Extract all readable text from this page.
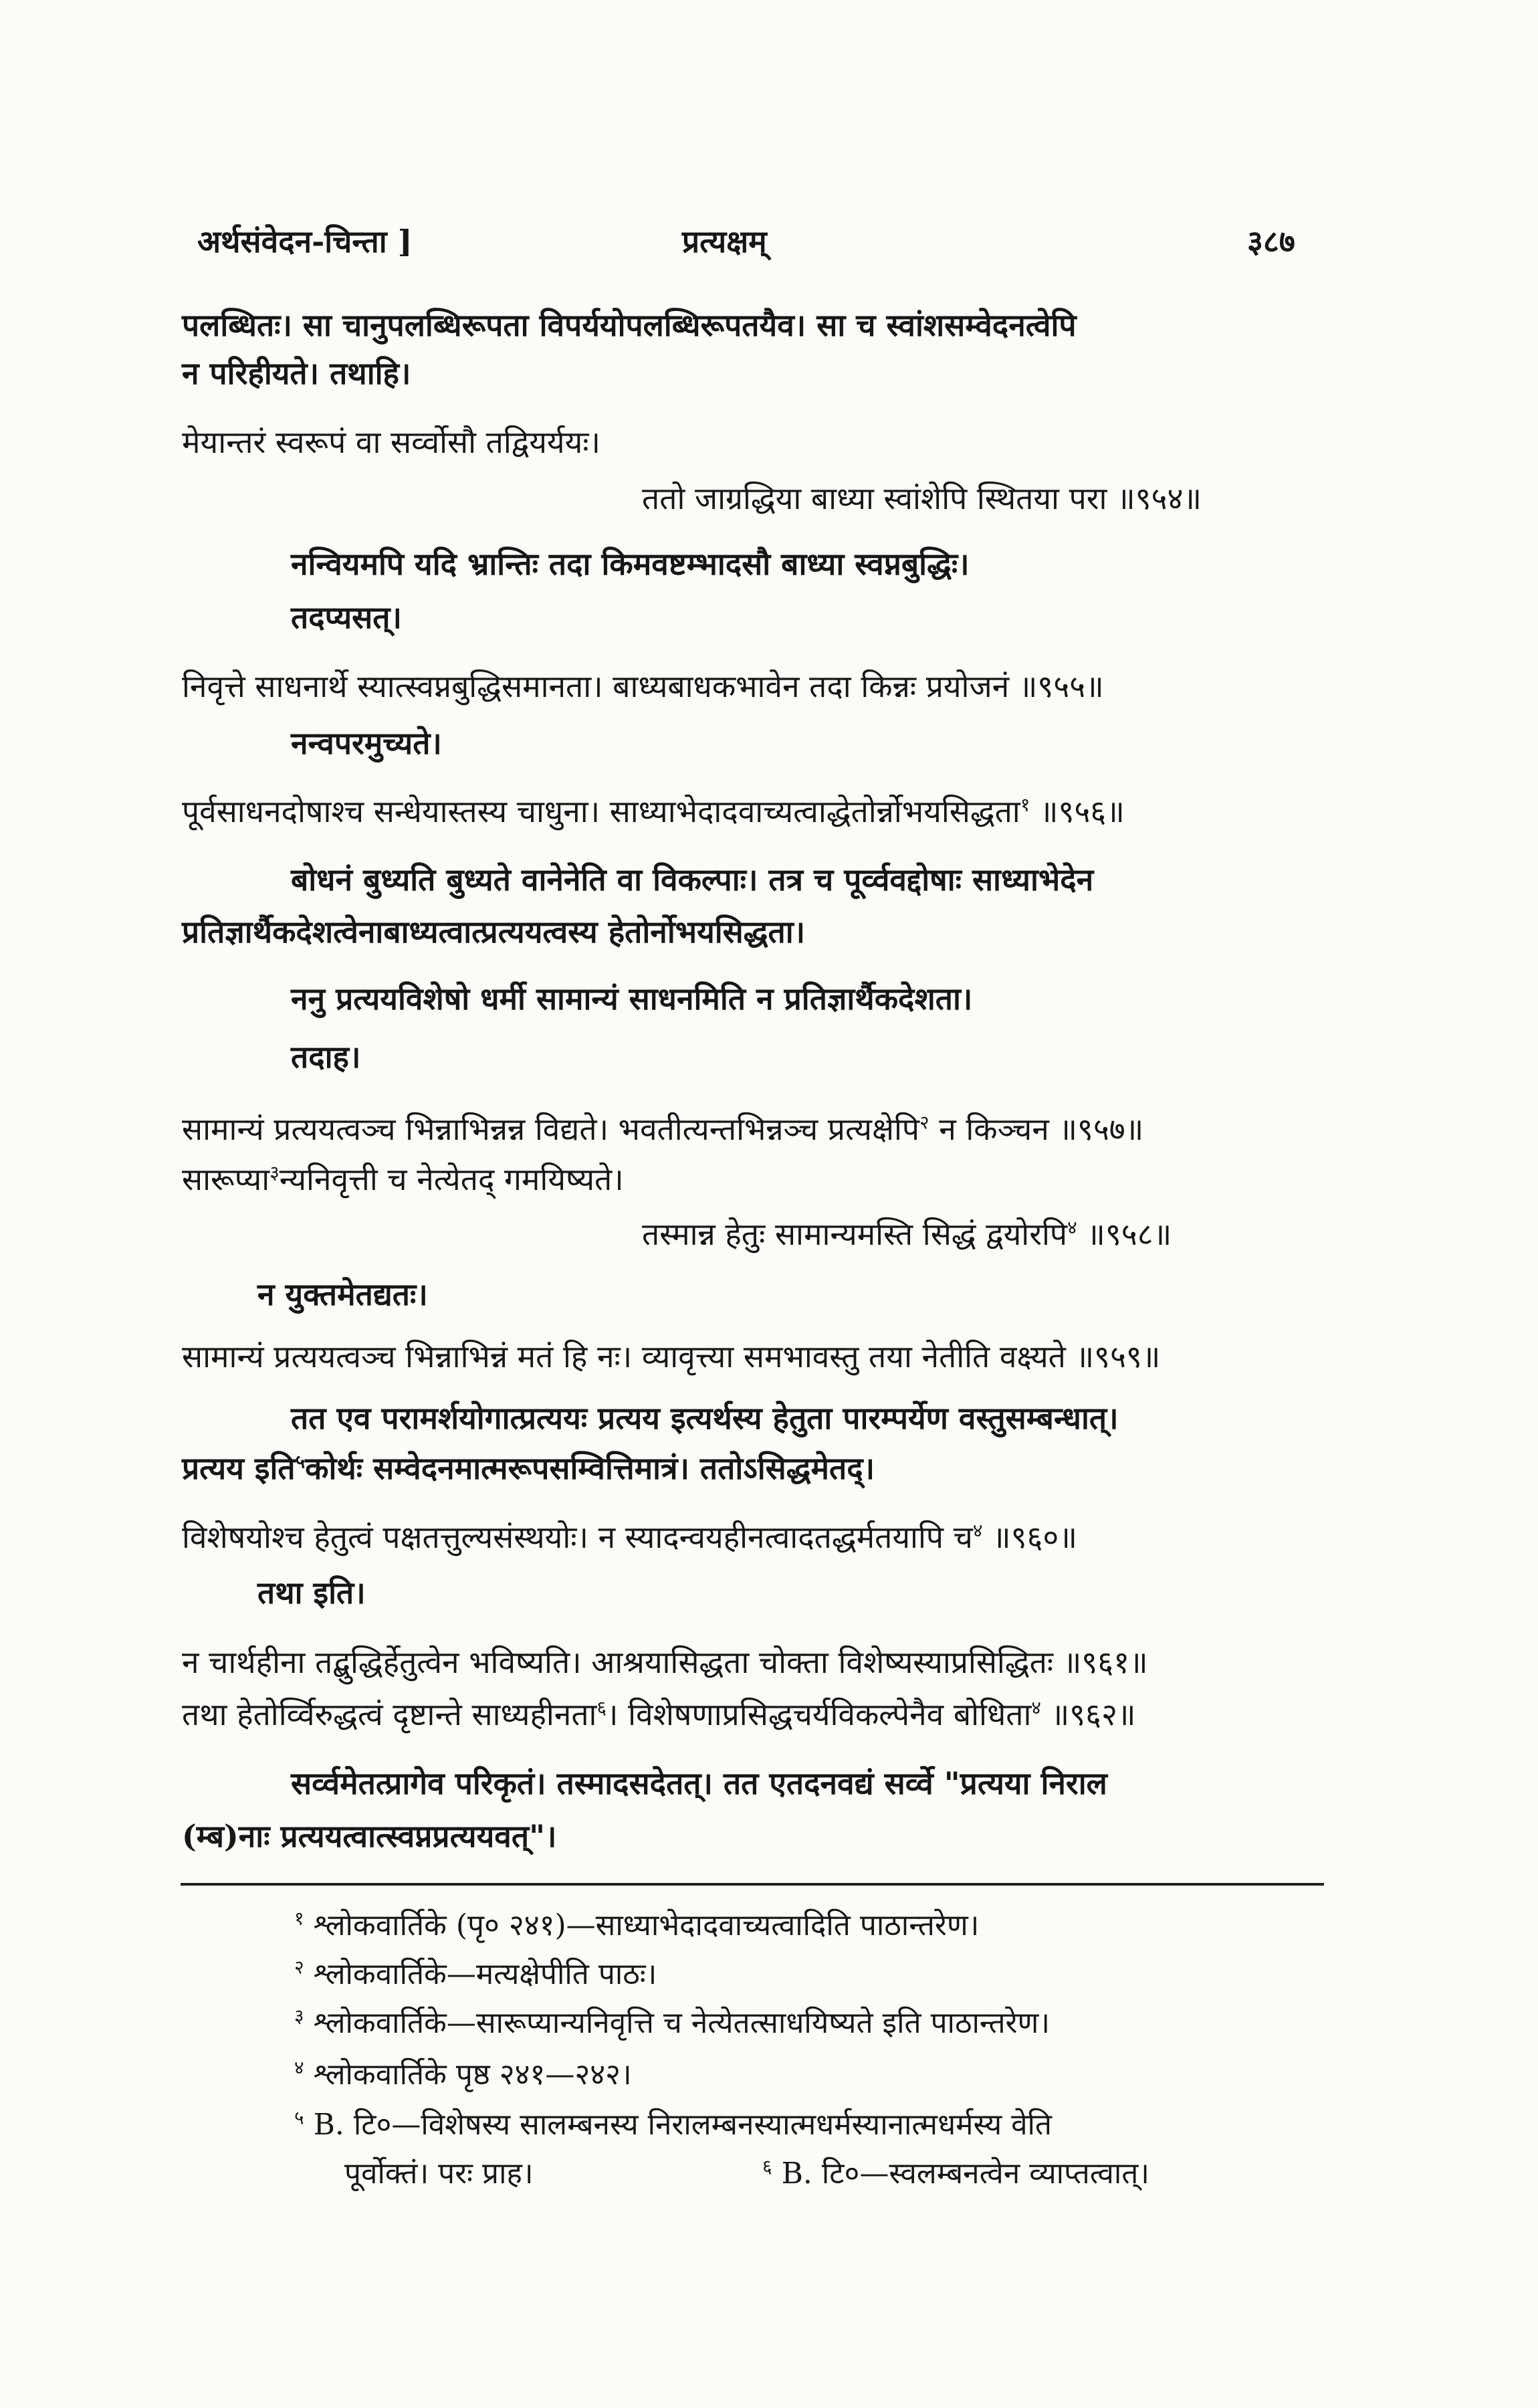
अर्थसंवेदन-चिन्ता ]	प्रत्यक्षम्	३८७
पलब्धितः। सा चानुपलब्धिरूपता विपर्ययोपलब्धिरूपतयैव। सा च स्वांशसम्वेदनत्वेपि
न परिहीयते। तथाहि।
मेयान्तरं स्वरूपं वा सर्व्वोसौ तद्वियर्ययः।
ततो जाग्रद्धिया बाध्या स्वांशेपि स्थितया परा ॥९५४॥
नन्वियमपि यदि भ्रान्तिः तदा किमवष्टम्भादसौ बाध्या स्वप्नबुद्धिः।
तदप्यसत्।
निवृत्ते साधनार्थे स्यात्स्वप्नबुद्धिसमानता। बाध्यबाधकभावेन तदा किन्नः प्रयोजनं ॥९५५॥
नन्वपरमुच्यते।
पूर्वसाधनदोषाश्च सन्धेयास्तस्य चाधुना। साध्याभेदादवाच्यत्वाद्धेतोर्न्नोभयसिद्धता$^१$ ॥९५६॥
बोधनं बुध्यति बुध्यते वानेनेति वा विकल्पाः। तत्र च पूर्व्ववद्दोषाः साध्याभेदेन
प्रतिज्ञार्थैकदेशत्वेनाबाध्यत्वात्प्रत्ययत्वस्य हेतोर्नोभयसिद्धता।
ननु प्रत्ययविशेषो धर्मी सामान्यं साधनमिति न प्रतिज्ञार्थैकदेशता।
तदाह।
सामान्यं प्रत्ययत्वञ्च भिन्नाभिन्नन्न विद्यते। भवतीत्यन्तभिन्नञ्च प्रत्यक्षेपि$^२$ न किञ्चन ॥९५७॥
सारूप्या$^३$न्यनिवृत्ती च नेत्येतद् गमयिष्यते।
तस्मान्न हेतुः सामान्यमस्ति सिद्धं द्वयोरपि$^४$ ॥९५८॥
न युक्तमेतद्यतः।
सामान्यं प्रत्ययत्वञ्च भिन्नाभिन्नं मतं हि नः। व्यावृत्त्या समभावस्तु तया नेतीति वक्ष्यते ॥९५९॥
तत एव परामर्शयोगात्प्रत्ययः प्रत्यय इत्यर्थस्य हेतुता पारम्पर्येण वस्तुसम्बन्धात्।
प्रत्यय इति$^५$कोर्थः सम्वेदनमात्मरूपसम्वित्तिमात्रं। ततोऽसिद्धमेतद्।
विशेषयोश्च हेतुत्वं पक्षतत्तुल्यसंस्थयोः। न स्यादन्वयहीनत्वादतद्धर्मतयापि च$^४$ ॥९६०॥
तथा इति।
न चार्थहीना तद्बुद्धिर्हेतुत्वेन भविष्यति। आश्रयासिद्धता चोक्ता विशेष्यस्याप्रसिद्धितः ॥९६१॥
तथा हेतोर्व्विरुद्धत्वं दृष्टान्ते साध्यहीनता$^६$। विशेषणाप्रसिद्धचर्यविकल्पेनैव बोधिता$^४$ ॥९६२॥
सर्व्वमेतत्प्रागेव परिकृतं। तस्मादसदेतत्। तत एतदनवद्यं सर्व्वे "प्रत्यया निराल
(म्ब)नाः प्रत्ययत्वात्स्वप्नप्रत्ययवत्"।
$^१$ श्लोकवार्तिके (पृ० २४१)—साध्याभेदादवाच्यत्वादिति पाठान्तरेण।
$^२$ श्लोकवार्तिके—मत्यक्षेपीति पाठः।
$^३$ श्लोकवार्तिके—सारूप्यान्यनिवृत्ति च नेत्येतत्साधयिष्यते इति पाठान्तरेण।
$^४$ श्लोकवार्तिके पृष्ठ २४१—२४२।
$^५$ B. टि०—विशेषस्य सालम्बनस्य निरालम्बनस्यात्मधर्मस्यानात्मधर्मस्य वेति
पूर्वोक्तं। परः प्राह।	$^६$ B. टि०—स्वलम्बनत्वेन व्याप्तत्वात्।
